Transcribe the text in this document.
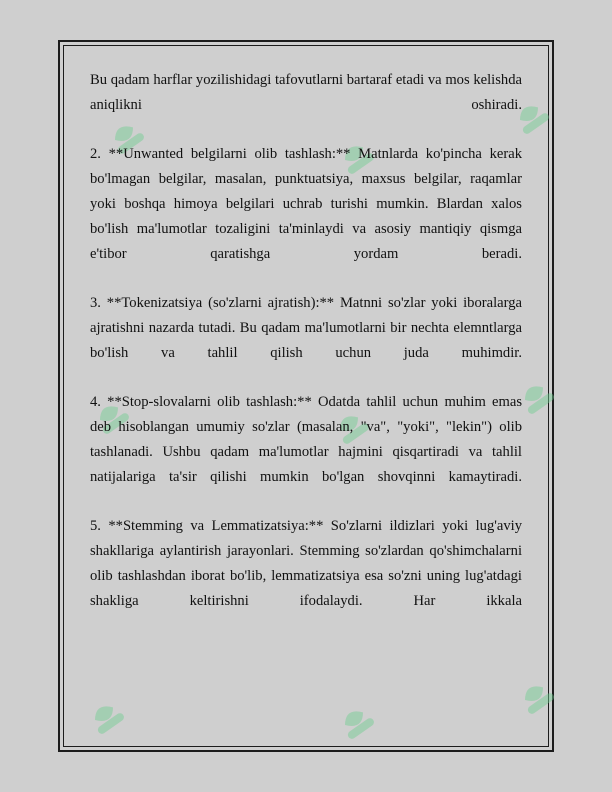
Bu qadam harflar yozilishidagi tafovutlarni bartaraf etadi va mos kelishda aniqlikni oshiradi.

2. **Unwanted belgilarni olib tashlash:** Matnlarda ko'pincha kerak bo'lmagan belgilar, masalan, punktuatsiya, maxsus belgilar, raqamlar yoki boshqa himoya belgilari uchrab turishi mumkin. Blardan xalos bo'lish ma'lumotlar tozaligini ta'minlaydi va asosiy mantiqiy qismga e'tibor qaratishga yordam beradi.

3. **Tokenizatsiya (so'zlarni ajratish):** Matnni so'zlar yoki iboralarga ajratishni nazarda tutadi. Bu qadam ma'lumotlarni bir nechta elemntlarga bo'lish va tahlil qilish uchun juda muhimdir.

4. **Stop-slovalarni olib tashlash:** Odatda tahlil uchun muhim emas deb hisoblangan umumiy so'zlar (masalan, "va", "yoki", "lekin") olib tashlanadi. Ushbu qadam ma'lumotlar hajmini qisqartiradi va tahlil natijalariga ta'sir qilishi mumkin bo'lgan shovqinni kamaytiradi.

5. **Stemming va Lemmatizatsiya:** So'zlarni ildizlari yoki lug'aviy shakllariga aylantirish jarayonlari. Stemming so'zlardan qo'shimchalarni olib tashlashdan iborat bo'lib, lemmatizatsiya esa so'zni uning lug'atdagi shakliga keltirishni ifodalaydi. Har ikkala
